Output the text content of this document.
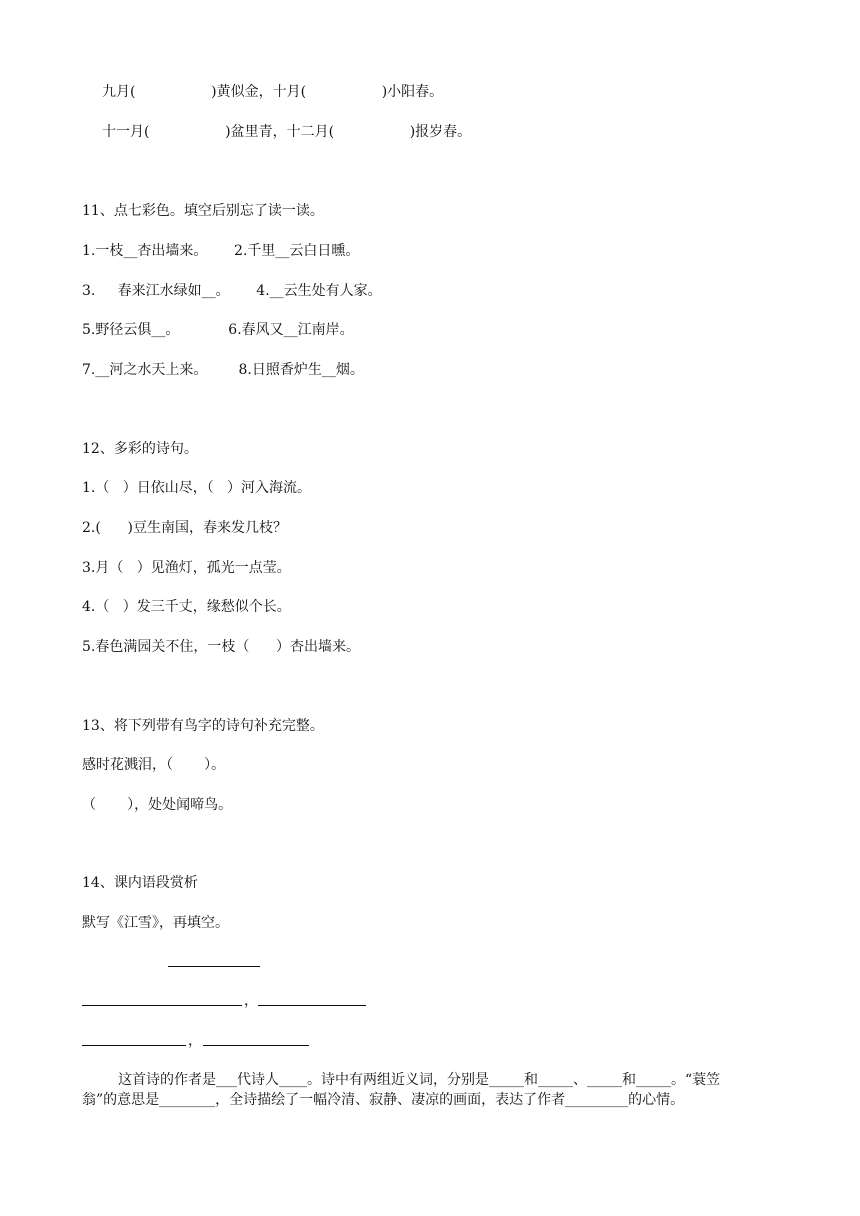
九月(                 )黄似金，十月(                 )小阳春。
十一月(                 )盆里青，十二月(                 )报岁春。
11、点七彩色。填空后别忘了读一读。
1.一枝__杏出墙来。      2.千里__云白日曛。
3.     春来江水绿如__。      4.__云生处有人家。
5.野径云俱__。           6.春风又__江南岸。
7.__河之水天上来。       8.日照香炉生__烟。
12、多彩的诗句。
1.（   ）日依山尽，（   ）河入海流。
2.(      )豆生南国，春来发几枝？
3.月（   ）见渔灯，孤光一点莹。
4.（   ）发三千丈，缘愁似个长。
5.春色满园关不住，一枝（      ）杏出墙来。
13、将下列带有鸟字的诗句补充完整。
感时花溅泪，（       ）。
（       ），处处闻啼鸟。
14、课内语段赏析
默写《江雪》，再填空。
，
，
这首诗的作者是___代诗人____。诗中有两组近义词，分别是_____和_____、_____和_____。“蓑笠
翁”的意思是________，全诗描绘了一幅冷清、寂静、凄凉的画面，表达了作者_________的心情。
